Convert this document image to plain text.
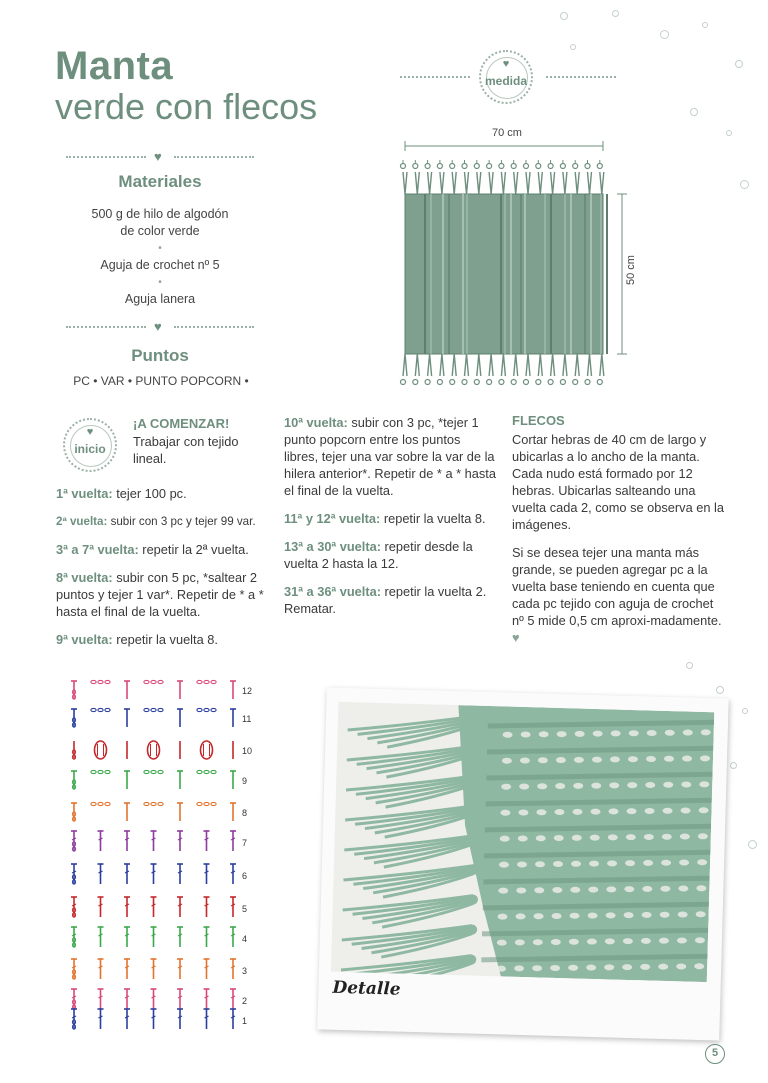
Manta
verde con flecos
♥
Materiales
500 g de hilo de algodón
de color verde
•
Aguja de crochet nº 5
•
Aguja lanera
♥
Puntos
PC • VAR • PUNTO POPCORN •
♥
medida
70 cm
50 cm
♥
inicio
¡A COMENZAR!
Trabajar con tejido lineal.

1ª vuelta: tejer 100 pc.

2ª vuelta: subir con 3 pc y tejer 99 var.

3ª a 7ª vuelta: repetir la 2ª vuelta.

8ª vuelta: subir con 5 pc, *saltear 2 puntos y tejer 1 var*. Repetir de * a * hasta el final de la vuelta.

9ª vuelta: repetir la vuelta 8.

10ª vuelta: subir con 3 pc, *tejer 1 punto popcorn entre los puntos libres, tejer una var sobre la var de la hilera anterior*. Repetir de * a * hasta el final de la vuelta.

11ª y 12ª vuelta: repetir la vuelta 8.

13ª a 30ª vuelta: repetir desde la vuelta 2 hasta la 12.

31ª a 36ª vuelta: repetir la vuelta 2. Rematar.

FLECOS

Cortar hebras de 40 cm de largo y ubicarlas a lo ancho de la manta. Cada nudo está formado por 12 hebras. Ubicarlas salteando una vuelta cada 2, como se observa en la imágenes.

Si se desea tejer una manta más grande, se pueden agregar pc a la vuelta base teniendo en cuenta que cada pc tejido con aguja de crochet nº 5 mide 0,5 cm aproxi-madamente. ♥

12
11
10
9
8
7
6
5
4
3
2
1
Detalle
5
